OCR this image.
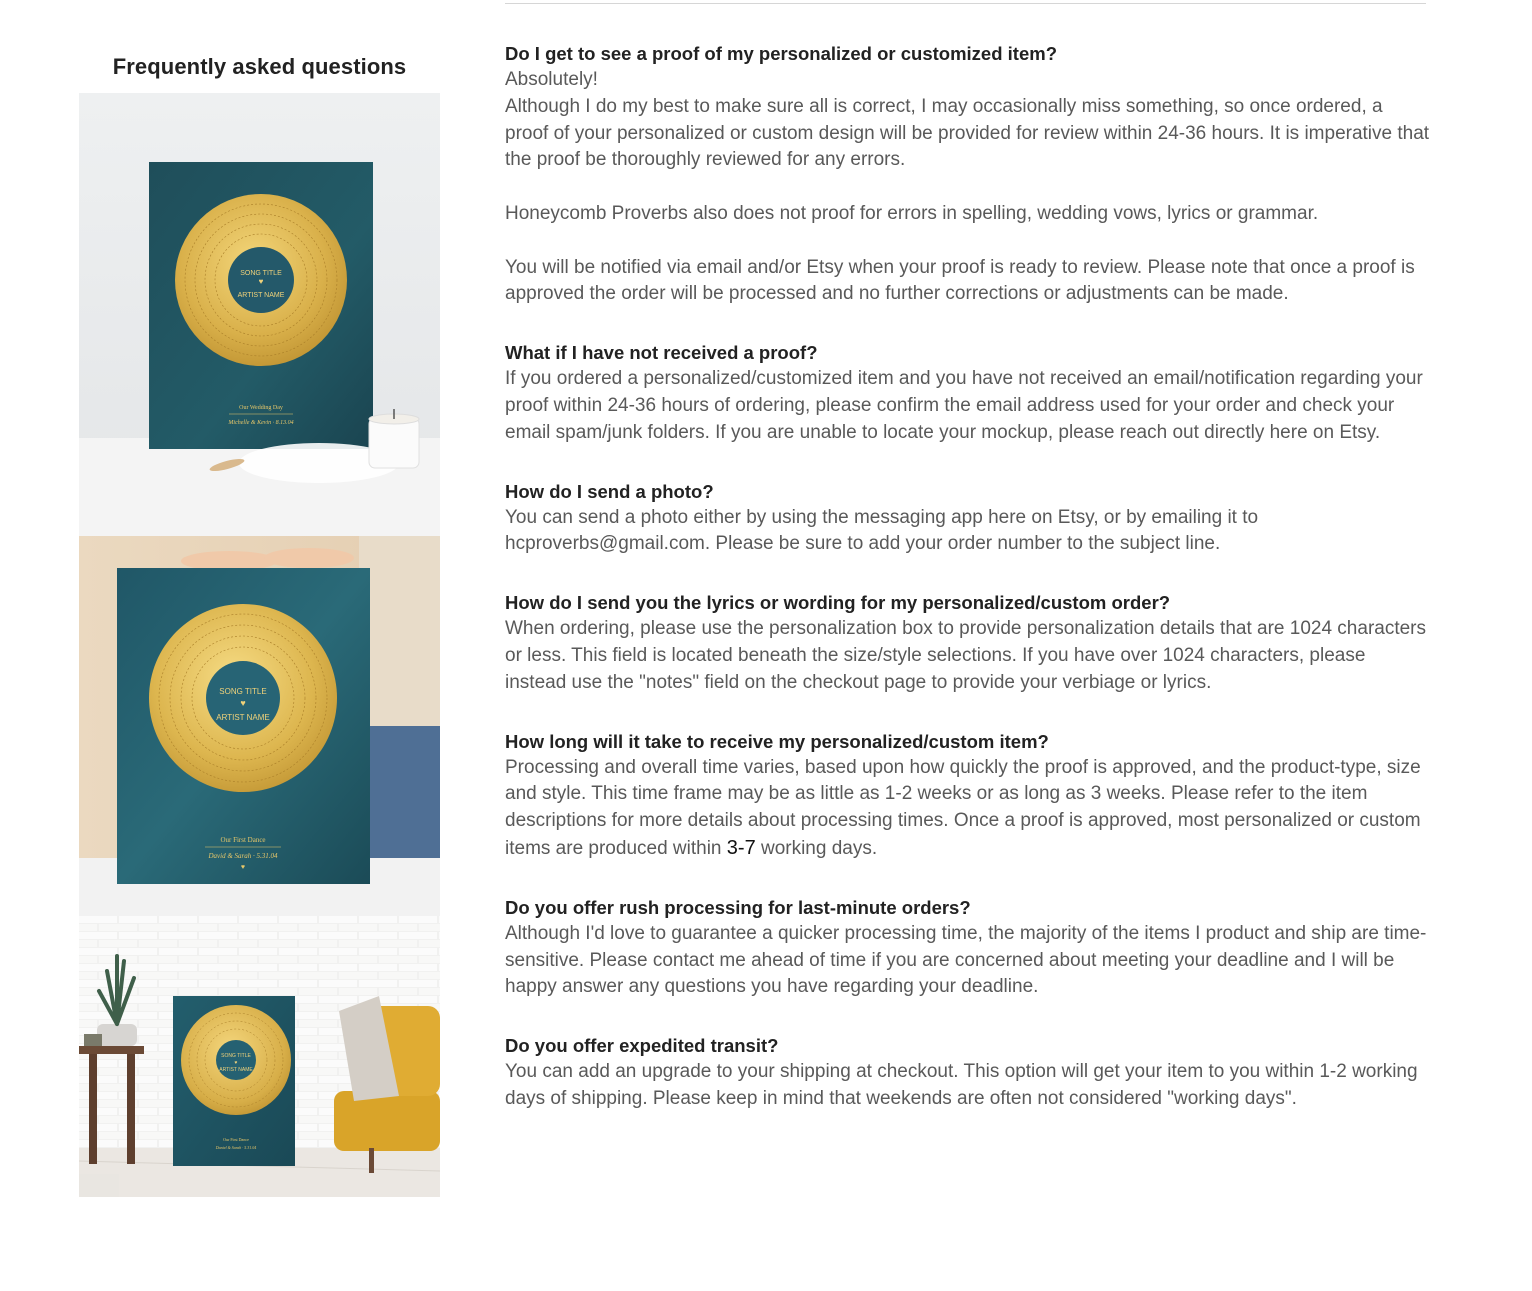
Frequently asked questions
SONG TITLE
♥
ARTIST NAME
Our Wedding Day
Michelle & Kevin · 8.13.04
SONG TITLE
♥
ARTIST NAME
Our First Dance
David & Sarah · 5.31.04
♥
SONG TITLE
♥
ARTIST NAME
Our First Dance
Daniel & Sarah · 5.31.04

Do I get to see a proof of my personalized or customized item?

Absolutely!

Although I do my best to make sure all is correct, I may occasionally miss something, so once ordered, a proof of your personalized or custom design will be provided for review within 24-36 hours. It is imperative that the proof be thoroughly reviewed for any errors.

Honeycomb Proverbs also does not proof for errors in spelling, wedding vows, lyrics or grammar.

You will be notified via email and/or Etsy when your proof is ready to review. Please note that once a proof is approved the order will be processed and no further corrections or adjustments can be made.

What if I have not received a proof?

If you ordered a personalized/customized item and you have not received an email/notification regarding your proof within 24-36 hours of ordering, please confirm the email address used for your order and check your email spam/junk folders. If you are unable to locate your mockup, please reach out directly here on Etsy.

How do I send a photo?

You can send a photo either by using the messaging app here on Etsy, or by emailing it to hcproverbs@gmail.com. Please be sure to add your order number to the subject line.

How do I send you the lyrics or wording for my personalized/custom order?

When ordering, please use the personalization box to provide personalization details that are 1024 characters or less. This field is located beneath the size/style selections. If you have over 1024 characters, please instead use the "notes" field on the checkout page to provide your verbiage or lyrics.

How long will it take to receive my personalized/custom item?

Processing and overall time varies, based upon how quickly the proof is approved, and the product-type, size and style. This time frame may be as little as 1-2 weeks or as long as 3 weeks. Please refer to the item descriptions for more details about processing times. Once a proof is approved, most personalized or custom items are produced within 3-7 working days.

Do you offer rush processing for last-minute orders?

Although I'd love to guarantee a quicker processing time, the majority of the items I product and ship are time-sensitive. Please contact me ahead of time if you are concerned about meeting your deadline and I will be happy answer any questions you have regarding your deadline.

Do you offer expedited transit?

You can add an upgrade to your shipping at checkout. This option will get your item to you within 1-2 working days of shipping. Please keep in mind that weekends are often not considered "working days".
